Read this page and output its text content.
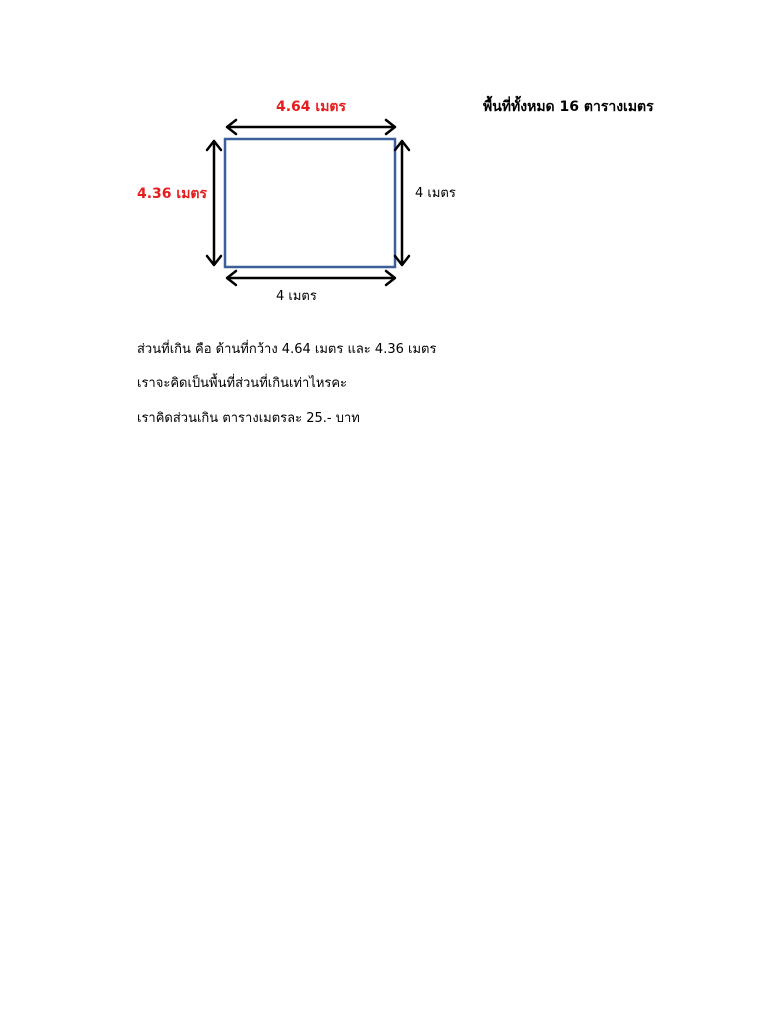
4.64 เมตร	พื้นที่ทั้งหมด 16 ตารางเมตร
4.36 เมตร	4 เมตร
4 เมตร
ส่วนที่เกิน คือ ด้านที่กว้าง 4.64 เมตร และ 4.36 เมตร
เราจะคิดเป็นพื้นที่ส่วนที่เกินเท่าไหรคะ
เราคิดส่วนเกิน ตารางเมตรละ 25.- บาท
